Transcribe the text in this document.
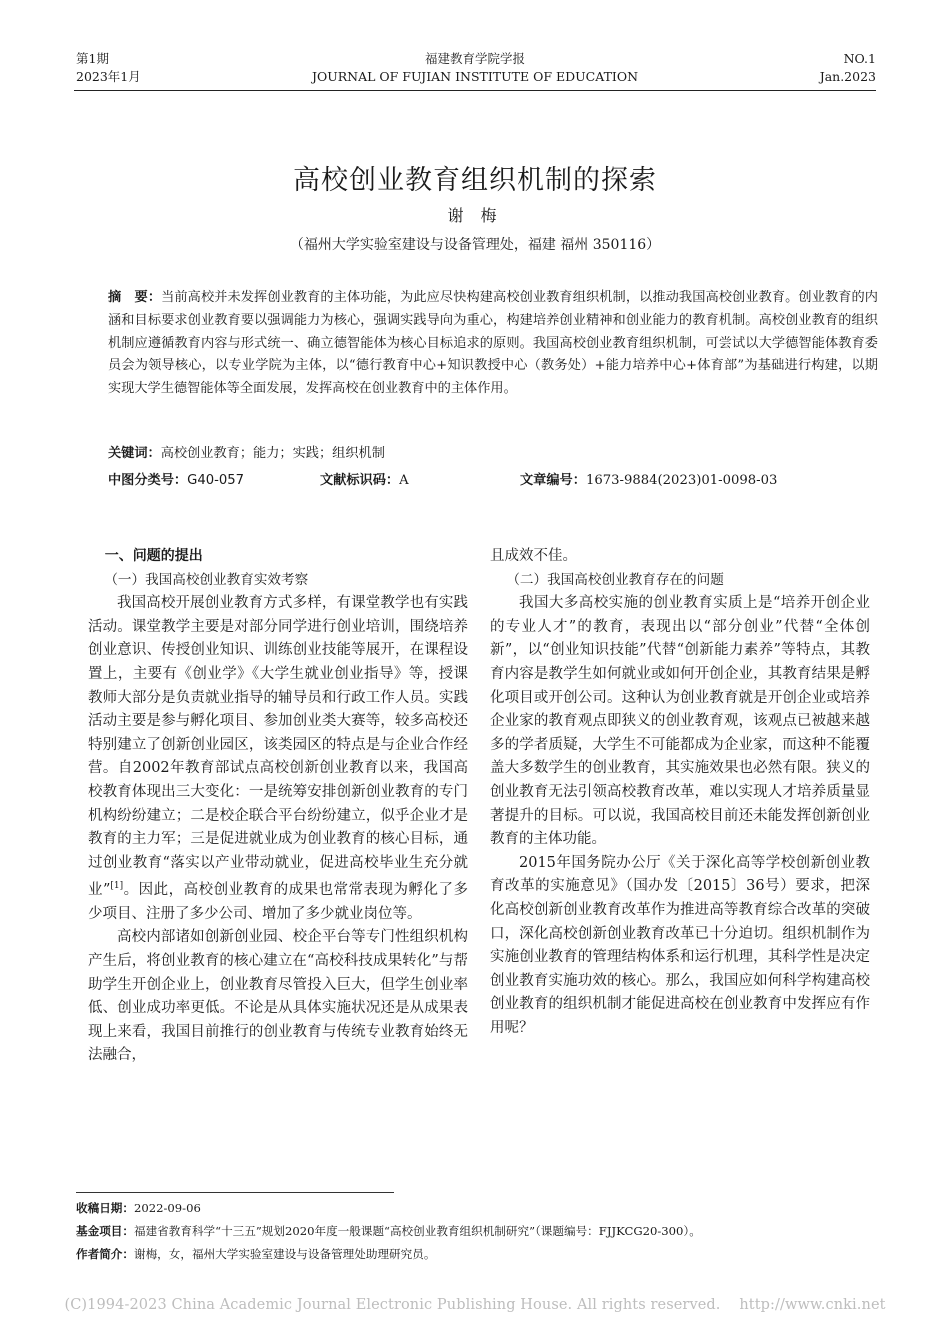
第1期
2023年1月
福建教育学院学报
JOURNAL OF FUJIAN INSTITUTE OF EDUCATION
NO.1
Jan.2023
高校创业教育组织机制的探索
谢 梅
（福州大学实验室建设与设备管理处，福建 福州 350116）
摘　要：当前高校并未发挥创业教育的主体功能，为此应尽快构建高校创业教育组织机制，以推动我国高校创业教育。创业教育的内涵和目标要求创业教育要以强调能力为核心，强调实践导向为重心，构建培养创业精神和创业能力的教育机制。高校创业教育的组织机制应遵循教育内容与形式统一、确立德智能体为核心目标追求的原则。我国高校创业教育组织机制，可尝试以大学德智能体教育委员会为领导核心，以专业学院为主体，以“德行教育中心+知识教授中心（教务处）+能力培养中心+体育部”为基础进行构建，以期实现大学生德智能体等全面发展，发挥高校在创业教育中的主体作用。
关键词：高校创业教育；能力；实践；组织机制
中图分类号：G40-057	文献标识码：A	文章编号：1673-9884(2023)01-0098-03
一、问题的提出
（一）我国高校创业教育实效考察

我国高校开展创业教育方式多样，有课堂教学也有实践活动。课堂教学主要是对部分同学进行创业培训，围绕培养创业意识、传授创业知识、训练创业技能等展开，在课程设置上，主要有《创业学》《大学生就业创业指导》等，授课教师大部分是负责就业指导的辅导员和行政工作人员。实践活动主要是参与孵化项目、参加创业类大赛等，较多高校还特别建立了创新创业园区，该类园区的特点是与企业合作经营。自2002年教育部试点高校创新创业教育以来，我国高校教育体现出三大变化：一是统筹安排创新创业教育的专门机构纷纷建立；二是校企联合平台纷纷建立，似乎企业才是教育的主力军；三是促进就业成为创业教育的核心目标，通过创业教育“落实以产业带动就业，促进高校毕业生充分就业”[1]。因此，高校创业教育的成果也常常表现为孵化了多少项目、注册了多少公司、增加了多少就业岗位等。

高校内部诸如创新创业园、校企平台等专门性组织机构产生后，将创业教育的核心建立在“高校科技成果转化”与帮助学生开创企业上，创业教育尽管投入巨大，但学生创业率低、创业成功率更低。不论是从具体实施状况还是从成果表现上来看，我国目前推行的创业教育与传统专业教育始终无法融合，

且成效不佳。

（二）我国高校创业教育存在的问题

我国大多高校实施的创业教育实质上是“培养开创企业的专业人才”的教育，表现出以“部分创业”代替“全体创新”，以“创业知识技能”代替“创新能力素养”等特点，其教育内容是教学生如何就业或如何开创企业，其教育结果是孵化项目或开创公司。这种认为创业教育就是开创企业或培养企业家的教育观点即狭义的创业教育观，该观点已被越来越多的学者质疑，大学生不可能都成为企业家，而这种不能覆盖大多数学生的创业教育，其实施效果也必然有限。狭义的创业教育无法引领高校教育改革，难以实现人才培养质量显著提升的目标。可以说，我国高校目前还未能发挥创新创业教育的主体功能。

2015年国务院办公厅《关于深化高等学校创新创业教育改革的实施意见》（国办发〔2015〕36号）要求，把深化高校创新创业教育改革作为推进高等教育综合改革的突破口，深化高校创新创业教育改革已十分迫切。组织机制作为实施创业教育的管理结构体系和运行机理，其科学性是决定创业教育实施功效的核心。那么，我国应如何科学构建高校创业教育的组织机制才能促进高校在创业教育中发挥应有作用呢？

收稿日期：2022-09-06
基金项目：福建省教育科学“十三五”规划2020年度一般课题“高校创业教育组织机制研究”（课题编号：FJJKCG20-300）。
作者简介：谢梅，女，福州大学实验室建设与设备管理处助理研究员。
(C)1994-2023 China Academic Journal Electronic Publishing House. All rights reserved.    http://www.cnki.net
